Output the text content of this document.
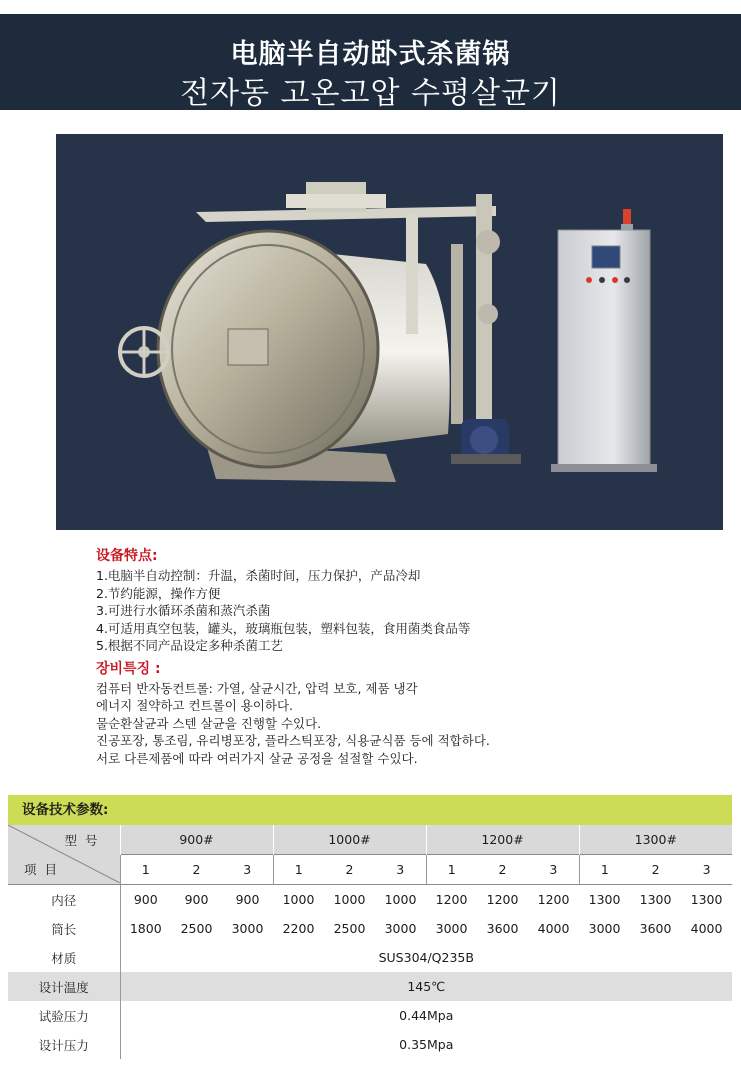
电脑半自动卧式杀菌锅
전자동 고온고압 수평살균기
设备特点:
1.电脑半自动控制：升温，杀菌时间，压力保护，产品冷却
2.节约能源，操作方便
3.可进行水循环杀菌和蒸汽杀菌
4.可适用真空包装，罐头，玻璃瓶包装，塑料包装，食用菌类食品等
5.根据不同产品设定多种杀菌工艺
장비특징 :
컴퓨터 반자동컨트롤: 가열, 살균시간, 압력 보호, 제품 냉각
에너지 절약하고 컨트롤이 용이하다.
물순환살균과 스텐 살균을 진행할 수있다.
진공포장, 통조림, 유리병포장, 플라스틱포장, 식용균식품 등에 적합하다.
서로 다른제품에 따라 여러가지 살균 공정을 설절할 수있다.
设备技术参数:
型号
项目	900#			1000#			1200#			1300#		
	1	2	3	1	2	3	1	2	3	1	2	3
内径	900	900	900	1000	1000	1000	1200	1200	1200	1300	1300	1300
筒长	1800	2500	3000	2200	2500	3000	3000	3600	4000	3000	3600	4000
材质	SUS304/Q235B											
设计温度	145℃											
试验压力	0.44Mpa											
设计压力	0.35Mpa											
